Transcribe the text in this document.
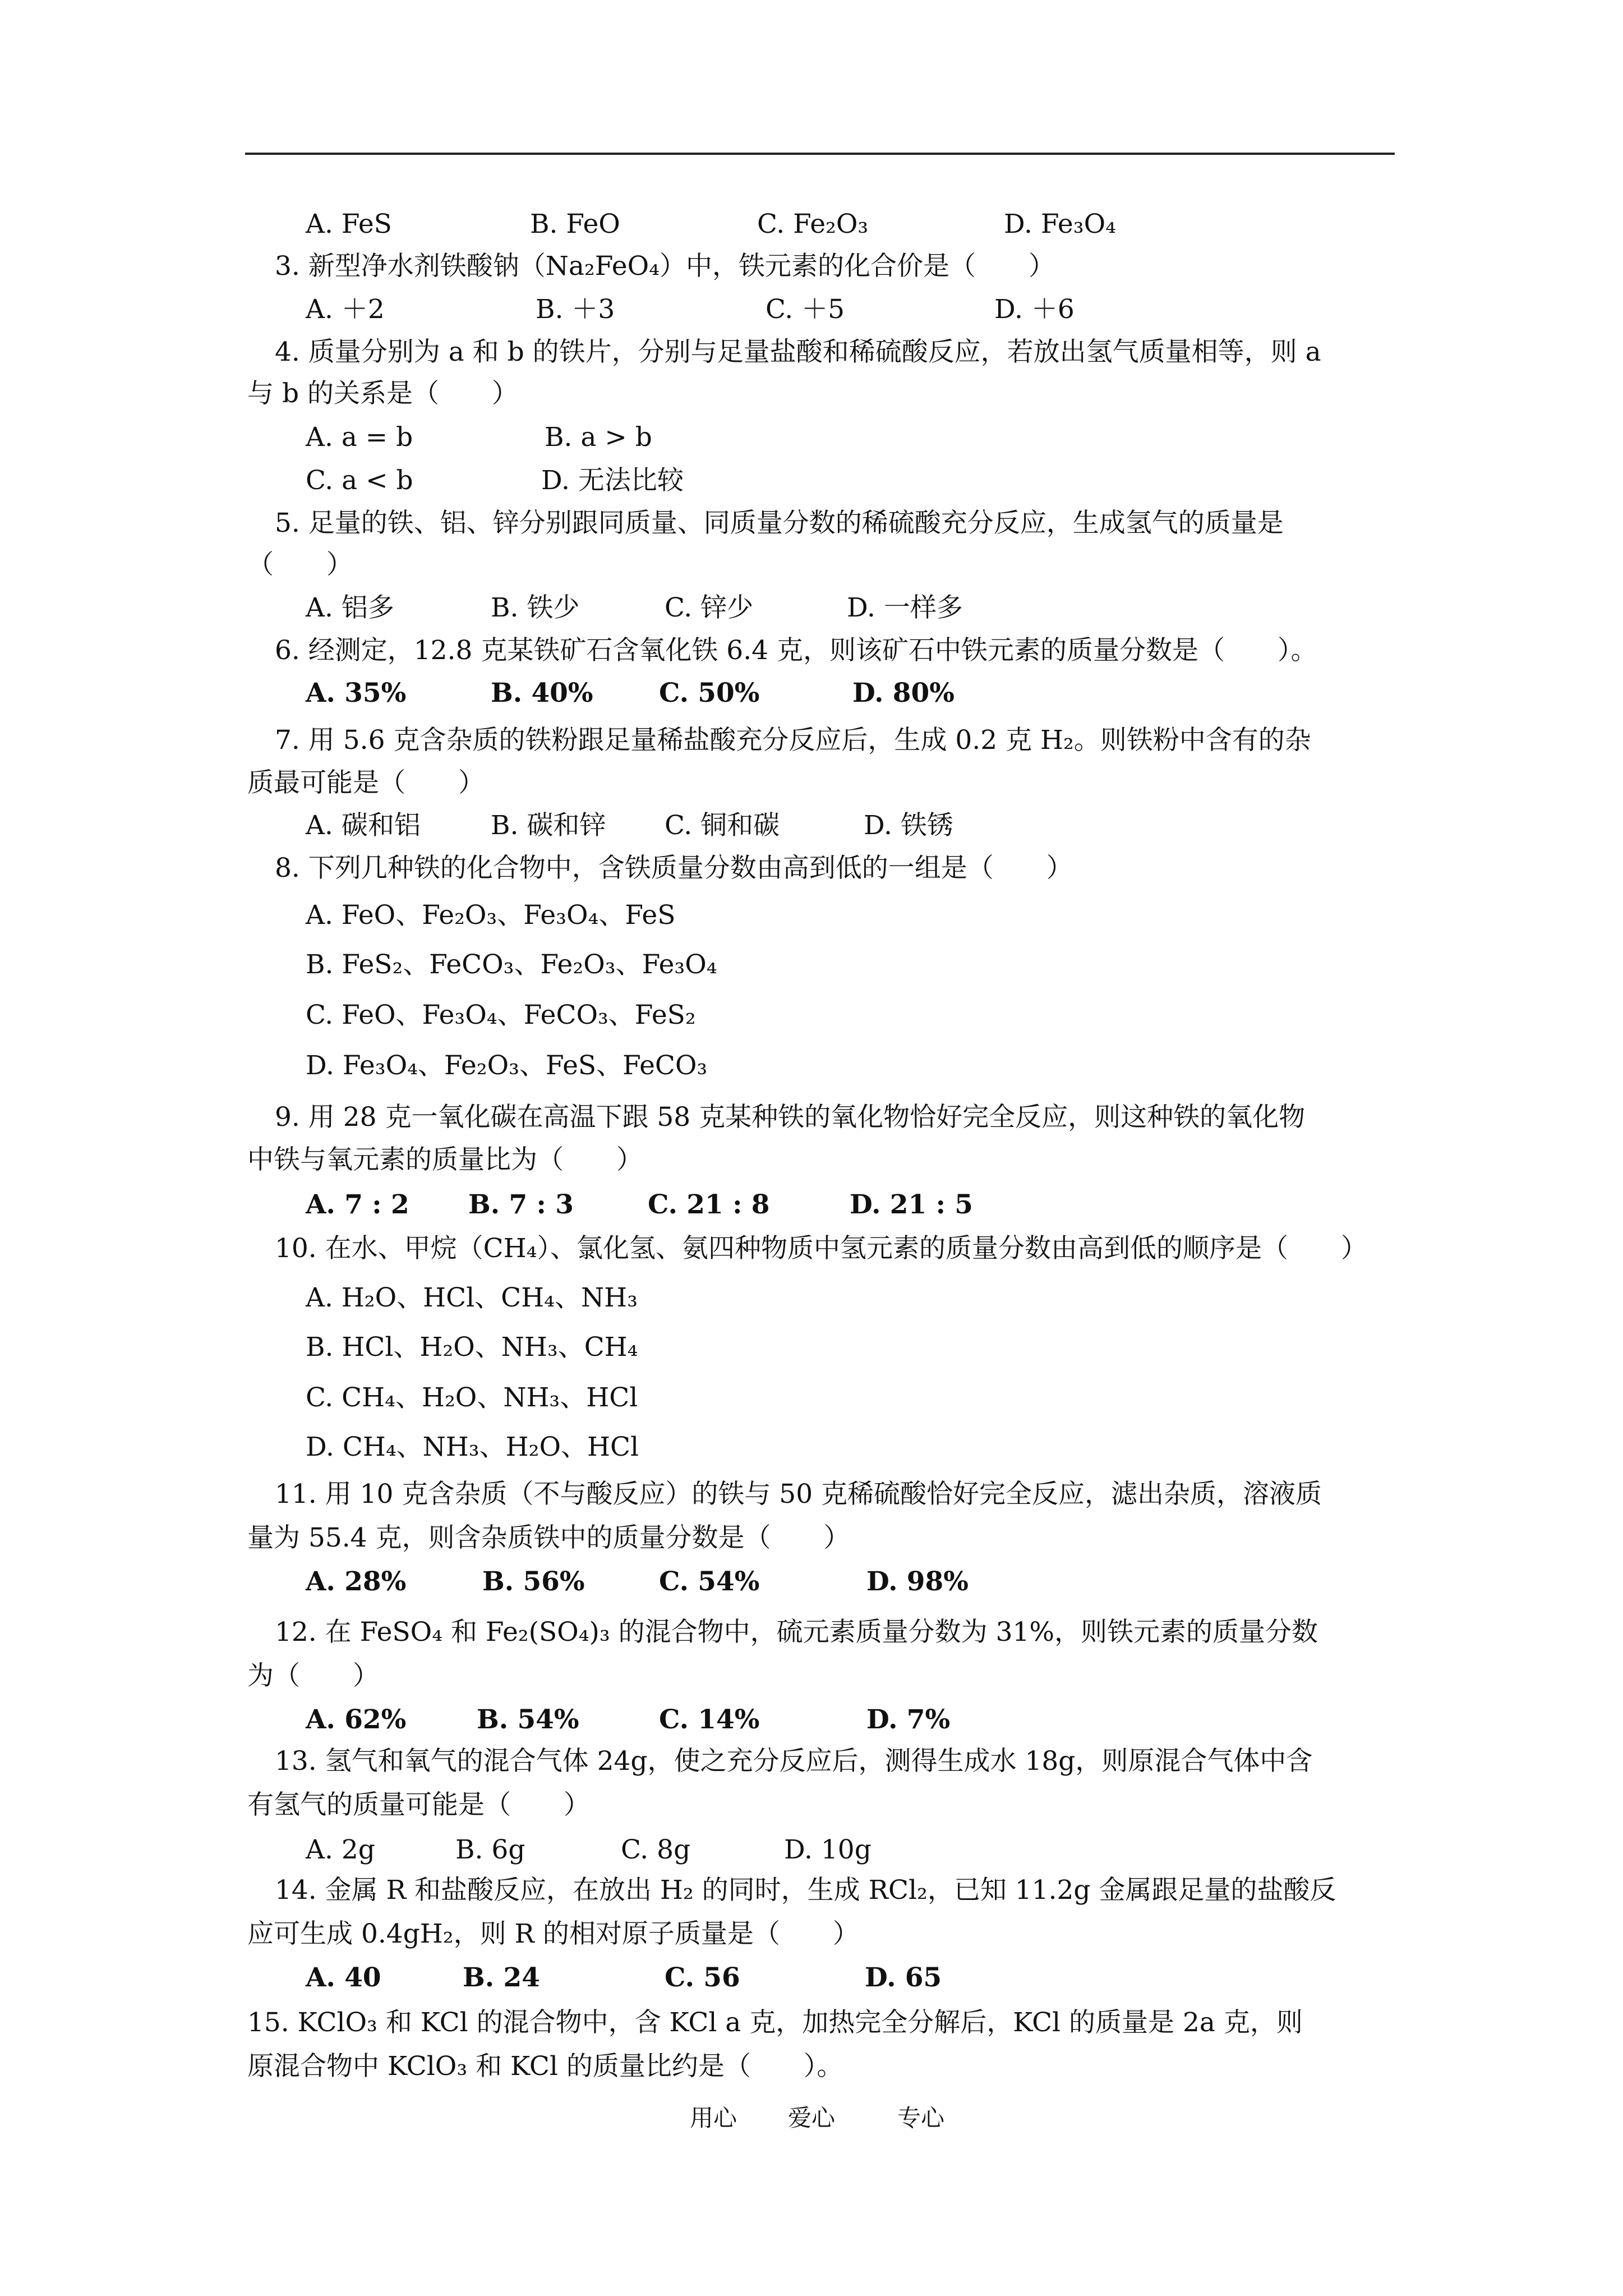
A. FeS	B. FeO	C. Fe₂O₃	D. Fe₃O₄
3. 新型净水剂铁酸钠（Na₂FeO₄）中，铁元素的化合价是（　　）
A. ＋2	B. ＋3	C. ＋5	D. ＋6
4. 质量分别为 a 和 b 的铁片，分别与足量盐酸和稀硫酸反应，若放出氢气质量相等，则 a
与 b 的关系是（　　）
A. a = b	B. a > b
C. a < b	D. 无法比较
5. 足量的铁、铝、锌分别跟同质量、同质量分数的稀硫酸充分反应，生成氢气的质量是
（　　）
A. 铝多	B. 铁少	C. 锌少	D. 一样多
6. 经测定，12.8 克某铁矿石含氧化铁 6.4 克，则该矿石中铁元素的质量分数是（　　）。
A. 35%	B. 40% C. 50%	D. 80%
7. 用 5.6 克含杂质的铁粉跟足量稀盐酸充分反应后，生成 0.2 克 H₂。则铁粉中含有的杂
质最可能是（　　）
A. 碳和铝	B. 碳和锌 C. 铜和碳	D. 铁锈
8. 下列几种铁的化合物中，含铁质量分数由高到低的一组是（　　）
A. FeO、Fe₂O₃、Fe₃O₄、FeS
B. FeS₂、FeCO₃、Fe₂O₃、Fe₃O₄
C. FeO、Fe₃O₄、FeCO₃、FeS₂
D. Fe₃O₄、Fe₂O₃、FeS、FeCO₃
9. 用 28 克一氧化碳在高温下跟 58 克某种铁的氧化物恰好完全反应，则这种铁的氧化物
中铁与氧元素的质量比为（　　）
A. 7 : 2 B. 7 : 3	C. 21 : 8	D. 21 : 5
10. 在水、甲烷（CH₄）、氯化氢、氨四种物质中氢元素的质量分数由高到低的顺序是（　　）
A. H₂O、HCl、CH₄、NH₃
B. HCl、H₂O、NH₃、CH₄
C. CH₄、H₂O、NH₃、HCl
D. CH₄、NH₃、H₂O、HCl
11. 用 10 克含杂质（不与酸反应）的铁与 50 克稀硫酸恰好完全反应，滤出杂质，溶液质
量为 55.4 克，则含杂质铁中的质量分数是（　　）
A. 28%	B. 56%	C. 54%	D. 98%
12. 在 FeSO₄ 和 Fe₂(SO₄)₃ 的混合物中，硫元素质量分数为 31%，则铁元素的质量分数
为（　　）
A. 62%	B. 54%	C. 14%	D. 7%
13. 氢气和氧气的混合气体 24g，使之充分反应后，测得生成水 18g，则原混合气体中含
有氢气的质量可能是（　　）
A. 2g	B. 6g	C. 8g	D. 10g
14. 金属 R 和盐酸反应，在放出 H₂ 的同时，生成 RCl₂，已知 11.2g 金属跟足量的盐酸反
应可生成 0.4gH₂，则 R 的相对原子质量是（　　）
A. 40	B. 24	C. 56	D. 65
15. KClO₃ 和 KCl 的混合物中，含 KCl a 克，加热完全分解后，KCl 的质量是 2a 克，则
原混合物中 KClO₃ 和 KCl 的质量比约是（　　）。
用心 爱心	专心
